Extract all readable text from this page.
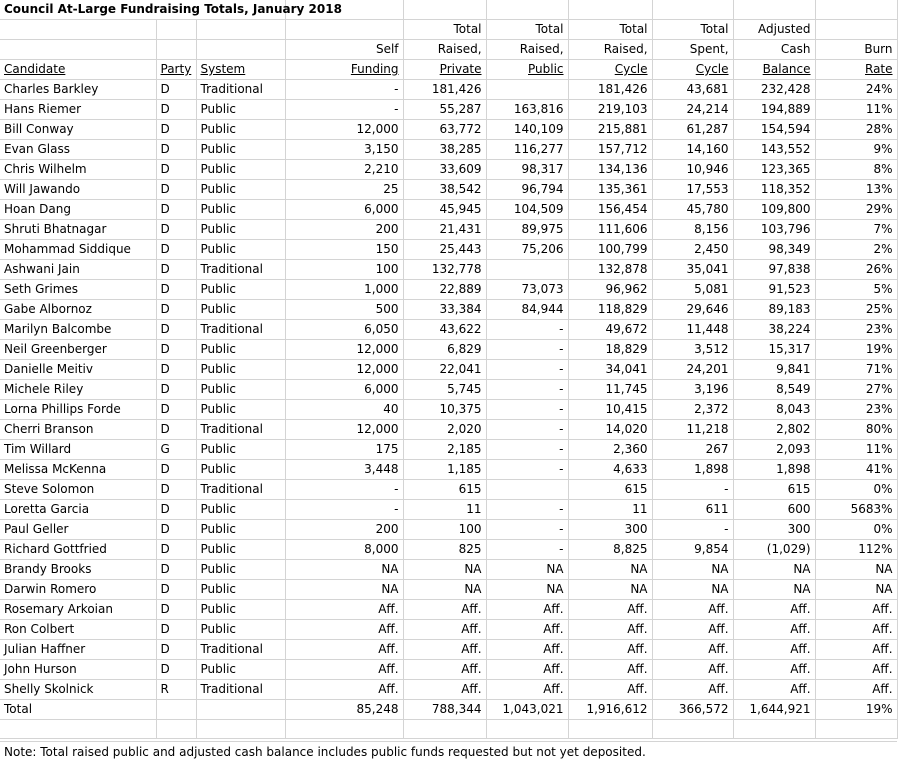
Council At-Large Fundraising Totals, January 2018									
				Total	Total	Total	Total	Adjusted	
			Self	Raised,	Raised,	Raised,	Spent,	Cash	Burn
Candidate	Party	System	Funding	Private	Public	Cycle	Cycle	Balance	Rate
Charles Barkley	D	Traditional	-	181,426		181,426	43,681	232,428	24%
Hans Riemer	D	Public	-	55,287	163,816	219,103	24,214	194,889	11%
Bill Conway	D	Public	12,000	63,772	140,109	215,881	61,287	154,594	28%
Evan Glass	D	Public	3,150	38,285	116,277	157,712	14,160	143,552	9%
Chris Wilhelm	D	Public	2,210	33,609	98,317	134,136	10,946	123,365	8%
Will Jawando	D	Public	25	38,542	96,794	135,361	17,553	118,352	13%
Hoan Dang	D	Public	6,000	45,945	104,509	156,454	45,780	109,800	29%
Shruti Bhatnagar	D	Public	200	21,431	89,975	111,606	8,156	103,796	7%
Mohammad Siddique	D	Public	150	25,443	75,206	100,799	2,450	98,349	2%
Ashwani Jain	D	Traditional	100	132,778		132,878	35,041	97,838	26%
Seth Grimes	D	Public	1,000	22,889	73,073	96,962	5,081	91,523	5%
Gabe Albornoz	D	Public	500	33,384	84,944	118,829	29,646	89,183	25%
Marilyn Balcombe	D	Traditional	6,050	43,622	-	49,672	11,448	38,224	23%
Neil Greenberger	D	Public	12,000	6,829	-	18,829	3,512	15,317	19%
Danielle Meitiv	D	Public	12,000	22,041	-	34,041	24,201	9,841	71%
Michele Riley	D	Public	6,000	5,745	-	11,745	3,196	8,549	27%
Lorna Phillips Forde	D	Public	40	10,375	-	10,415	2,372	8,043	23%
Cherri Branson	D	Traditional	12,000	2,020	-	14,020	11,218	2,802	80%
Tim Willard	G	Public	175	2,185	-	2,360	267	2,093	11%
Melissa McKenna	D	Public	3,448	1,185	-	4,633	1,898	1,898	41%
Steve Solomon	D	Traditional	-	615		615	-	615	0%
Loretta Garcia	D	Public	-	11	-	11	611	600	5683%
Paul Geller	D	Public	200	100	-	300	-	300	0%
Richard Gottfried	D	Public	8,000	825	-	8,825	9,854	(1,029)	112%
Brandy Brooks	D	Public	NA	NA	NA	NA	NA	NA	NA
Darwin Romero	D	Public	NA	NA	NA	NA	NA	NA	NA
Rosemary Arkoian	D	Public	Aff.	Aff.	Aff.	Aff.	Aff.	Aff.	Aff.
Ron Colbert	D	Public	Aff.	Aff.	Aff.	Aff.	Aff.	Aff.	Aff.
Julian Haffner	D	Traditional	Aff.	Aff.	Aff.	Aff.	Aff.	Aff.	Aff.
John Hurson	D	Public	Aff.	Aff.	Aff.	Aff.	Aff.	Aff.	Aff.
Shelly Skolnick	R	Traditional	Aff.	Aff.	Aff.	Aff.	Aff.	Aff.	Aff.
Total			85,248	788,344	1,043,021	1,916,612	366,572	1,644,921	19%

Note: Total raised public and adjusted cash balance includes public funds requested but not yet deposited.
